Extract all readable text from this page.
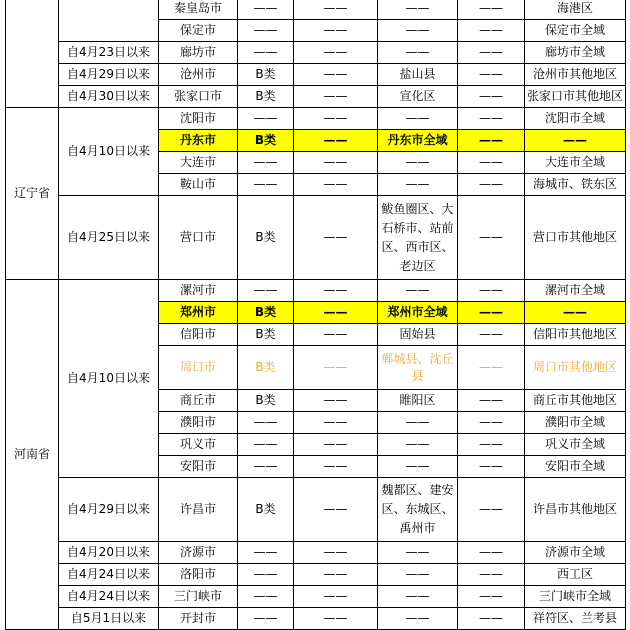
		秦皇岛市	——	——	——	——	海港区
		保定市	——	——	——	——	保定市全域
	自4月23日以来	廊坊市	——	——	——	——	廊坊市全域
	自4月29日以来	沧州市	B类	——	盐山县	——	沧州市其他地区
	自4月30日以来	张家口市	B类	——	宣化区	——	张家口市其他地区
辽宁省	自4月10日以来	沈阳市	——	——	——	——	沈阳市全域
		丹东市	B类	——	丹东市全域	——	——
		大连市	——	——	——	——	大连市全域
		鞍山市	——	——	——	——	海城市、铁东区
	自4月25日以来	营口市	B类	——	鲅鱼圈区、大石桥市、站前区、西市区、老边区	——	营口市其他地区
河南省	自4月10日以来	漯河市	——	——	——	——	漯河市全域
		郑州市	B类	——	郑州市全域	——	——
		信阳市	B类	——	固始县	——	信阳市其他地区
		周口市	B类	——	郸城县、沈丘县	——	周口市其他地区
		商丘市	B类	——	睢阳区	——	商丘市其他地区
		濮阳市	——	——	——	——	濮阳市全域
		巩义市	——	——	——	——	巩义市全域
		安阳市	——	——	——	——	安阳市全域
	自4月29日以来	许昌市	B类	——	魏都区、建安区、东城区、禹州市	——	许昌市其他地区
	自4月20日以来	济源市	——	——	——	——	济源市全域
	自4月24日以来	洛阳市	——	——	——	——	西工区
	自4月24日以来	三门峡市	——	——	——	——	三门峡市全域
	自5月1日以来	开封市	——	——	——	——	祥符区、兰考县
